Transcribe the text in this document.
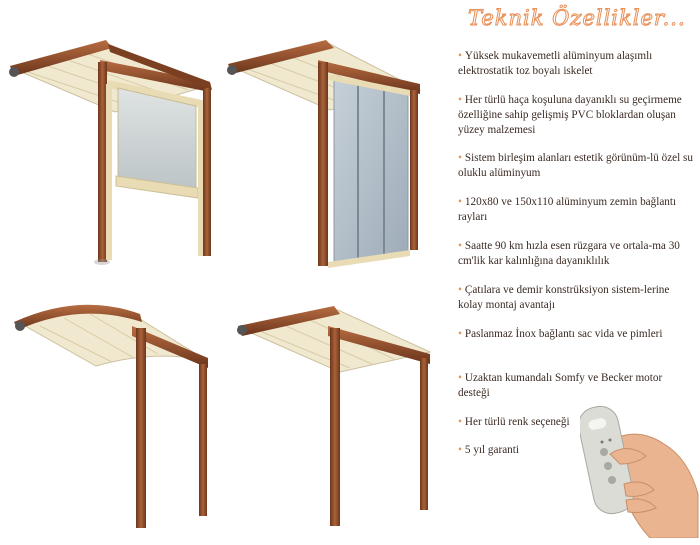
Teknik Özellikler...
• Yüksek mukavemetli alüminyum alaşımlı elektrostatik toz boyalı iskelet
• Her türlü haça koşuluna dayanıklı su geçirmeme özelliğine sahip gelişmiş PVC bloklardan oluşan yüzey malzemesi
• Sistem birleşim alanları estetik görünüm-lü özel su oluklu alüminyum
• 120x80 ve 150x110 alüminyum zemin bağlantı rayları
• Saatte 90 km hızla esen rüzgara ve ortala-ma 30 cm'lik kar kalınlığına dayanıklılık
• Çatılara ve demir konstrüksiyon sistem-lerine kolay montaj avantajı
• Paslanmaz İnox bağlantı sac vida ve pimleri
• Uzaktan kumandalı Somfy ve Becker motor desteği
• Her türlü renk seçeneği
• 5 yıl garanti
